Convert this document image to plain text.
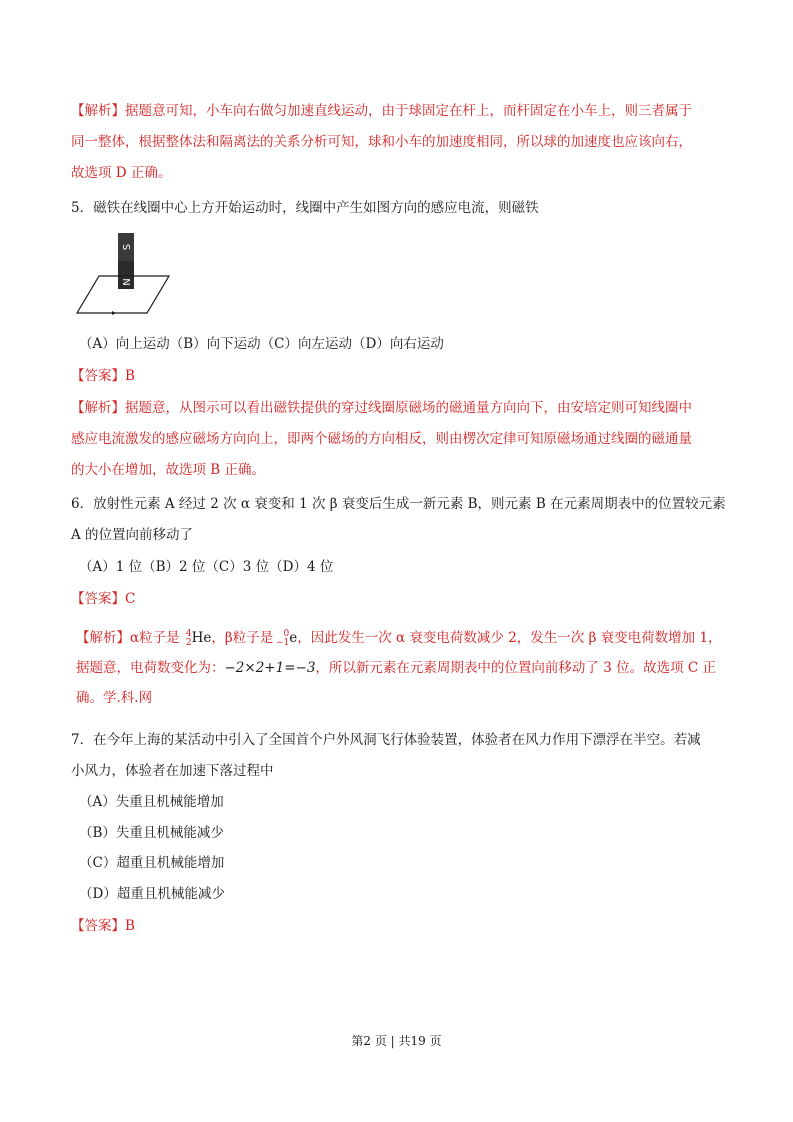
【解析】据题意可知，小车向右做匀加速直线运动，由于球固定在杆上，而杆固定在小车上，则三者属于
同一整体，根据整体法和隔离法的关系分析可知，球和小车的加速度相同，所以球的加速度也应该向右，
故选项 D 正确。
5．磁铁在线圈中心上方开始运动时，线圈中产生如图方向的感应电流，则磁铁
S
N
（A）向上运动（B）向下运动（C）向左运动（D）向右运动
【答案】B
【解析】据题意，从图示可以看出磁铁提供的穿过线圈原磁场的磁通量方向向下，由安培定则可知线圈中
感应电流激发的感应磁场方向向上，即两个磁场的方向相反，则由楞次定律可知原磁场通过线圈的磁通量
的大小在增加，故选项 B 正确。
6．放射性元素 A 经过 2 次 α 衰变和 1 次 β 衰变后生成一新元素 B，则元素 B 在元素周期表中的位置较元素
A 的位置向前移动了
（A）1 位（B）2 位（C）3 位（D）4 位
【答案】C

【解析】α粒子是 4
2 He，β粒子是 0
−1 e，因此发生一次 α 衰变电荷数减少 2，发生一次 β 衰变电荷数增加 1，
据题意，电荷数变化为：−2×2+1=−3，所以新元素在元素周期表中的位置向前移动了 3 位。故选项 C 正
确。学.科.网
7．在今年上海的某活动中引入了全国首个户外风洞飞行体验装置，体验者在风力作用下漂浮在半空。若减
小风力，体验者在加速下落过程中
（A）失重且机械能增加
（B）失重且机械能减少
（C）超重且机械能增加
（D）超重且机械能减少
【答案】B
第2 页 | 共19 页
